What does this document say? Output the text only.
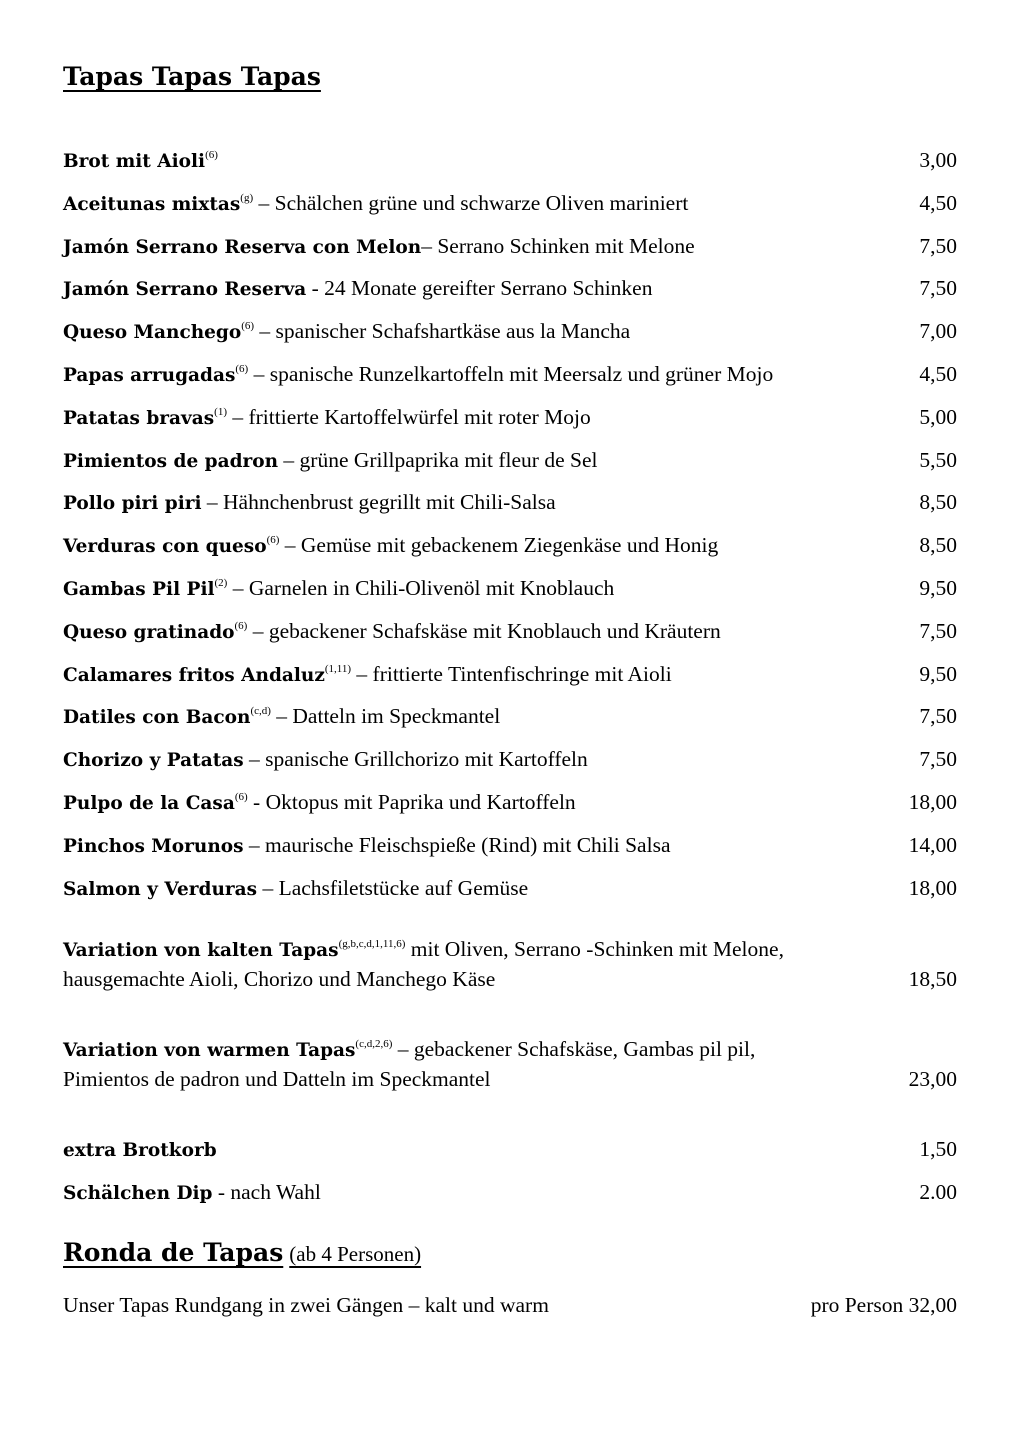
Tapas Tapas Tapas
Brot mit Aioli$^{(6)}$	3,00
Aceitunas mixtas$^{(g)}$ – Schälchen grüne und schwarze Oliven mariniert	4,50
Jamón Serrano Reserva con Melon– Serrano Schinken mit Melone	7,50
Jamón Serrano Reserva - 24 Monate gereifter Serrano Schinken	7,50
Queso Manchego$^{(6)}$ – spanischer Schafshartkäse aus la Mancha	7,00
Papas arrugadas$^{(6)}$ – spanische Runzelkartoffeln mit Meersalz und grüner Mojo	4,50
Patatas bravas$^{(1)}$ – frittierte Kartoffelwürfel mit roter Mojo	5,00
Pimientos de padron – grüne Grillpaprika mit fleur de Sel	5,50
Pollo piri piri – Hähnchenbrust gegrillt mit Chili-Salsa	8,50
Verduras con queso$^{(6)}$ – Gemüse mit gebackenem Ziegenkäse und Honig	8,50
Gambas Pil Pil$^{(2)}$ – Garnelen in Chili-Olivenöl mit Knoblauch	9,50
Queso gratinado$^{(6)}$ – gebackener Schafskäse mit Knoblauch und Kräutern	7,50
Calamares fritos Andaluz$^{(1,11)}$ – frittierte Tintenfischringe mit Aioli	9,50
Datiles con Bacon$^{(c,d)}$ – Datteln im Speckmantel	7,50
Chorizo y Patatas – spanische Grillchorizo mit Kartoffeln	7,50
Pulpo de la Casa$^{(6)}$ - Oktopus mit Paprika und Kartoffeln	18,00
Pinchos Morunos – maurische Fleischspieße (Rind) mit Chili Salsa	14,00
Salmon y Verduras – Lachsfiletstücke auf Gemüse	18,00
Variation von kalten Tapas$^{(g,b,c,d,1,11,6)}$ mit Oliven, Serrano -Schinken mit Melone,
hausgemachte Aioli, Chorizo und Manchego Käse	18,50
Variation von warmen Tapas$^{(c,d,2,6)}$ – gebackener Schafskäse, Gambas pil pil,
Pimientos de padron und Datteln im Speckmantel	23,00
extra Brotkorb	1,50
Schälchen Dip - nach Wahl	2.00
Ronda de Tapas (ab 4 Personen)
Unser Tapas Rundgang in zwei Gängen – kalt und warm	pro Person 32,00
